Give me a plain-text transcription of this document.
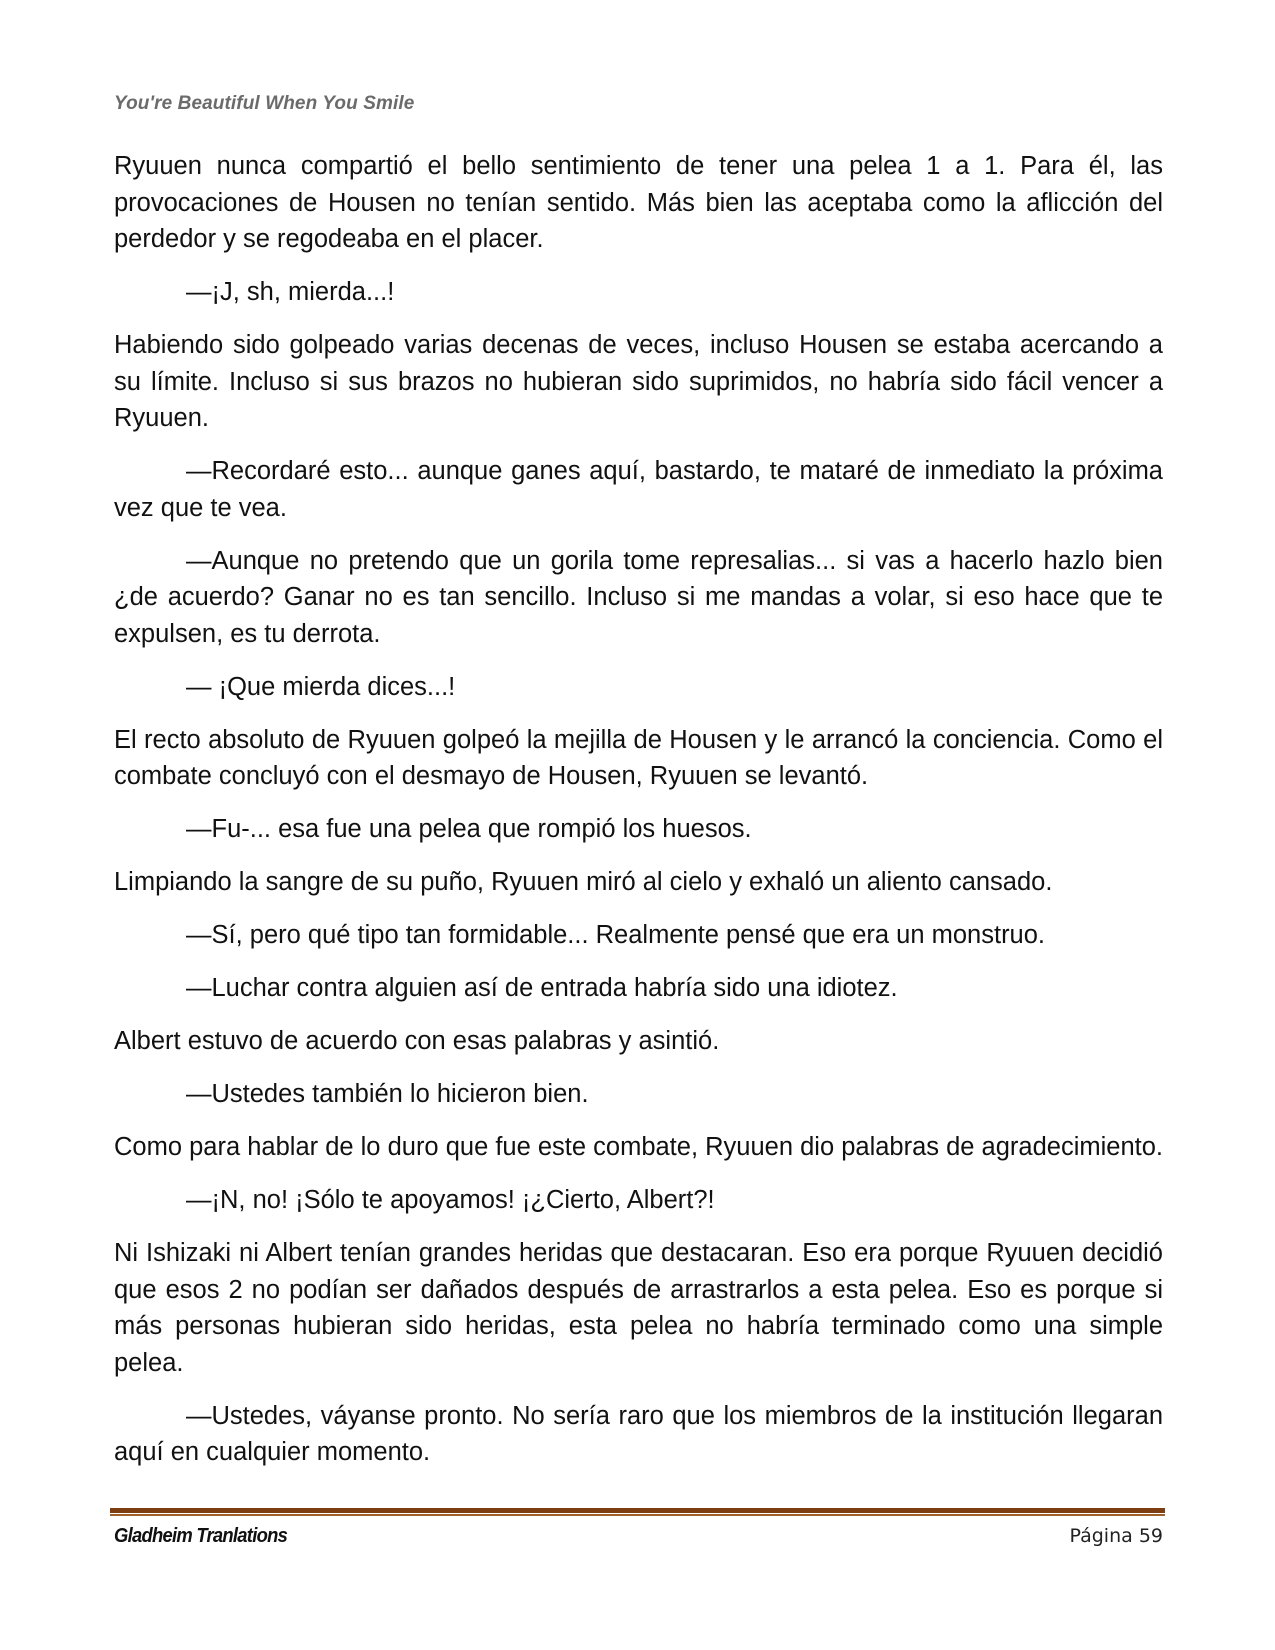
You're Beautiful When You Smile

Ryuuen nunca compartió el bello sentimiento de tener una pelea 1 a 1. Para él, las provocaciones de Housen no tenían sentido. Más bien las aceptaba como la aflicción del perdedor y se regodeaba en el placer.

—¡J, sh, mierda...!

Habiendo sido golpeado varias decenas de veces, incluso Housen se estaba acercando a su límite. Incluso si sus brazos no hubieran sido suprimidos, no habría sido fácil vencer a Ryuuen.

—Recordaré esto... aunque ganes aquí, bastardo, te mataré de inmediato la próxima vez que te vea.

—Aunque no pretendo que un gorila tome represalias... si vas a hacerlo hazlo bien ¿de acuerdo? Ganar no es tan sencillo. Incluso si me mandas a volar, si eso hace que te expulsen, es tu derrota.

— ¡Que mierda dices...!

El recto absoluto de Ryuuen golpeó la mejilla de Housen y le arrancó la conciencia. Como el combate concluyó con el desmayo de Housen, Ryuuen se levantó.

—Fu-... esa fue una pelea que rompió los huesos.

Limpiando la sangre de su puño, Ryuuen miró al cielo y exhaló un aliento cansado.

—Sí, pero qué tipo tan formidable... Realmente pensé que era un monstruo.

—Luchar contra alguien así de entrada habría sido una idiotez.

Albert estuvo de acuerdo con esas palabras y asintió.

—Ustedes también lo hicieron bien.

Como para hablar de lo duro que fue este combate, Ryuuen dio palabras de agradecimiento.

—¡N, no! ¡Sólo te apoyamos! ¡¿Cierto, Albert?!

Ni Ishizaki ni Albert tenían grandes heridas que destacaran. Eso era porque Ryuuen decidió que esos 2 no podían ser dañados después de arrastrarlos a esta pelea. Eso es porque si más personas hubieran sido heridas, esta pelea no habría terminado como una simple pelea.

—Ustedes, váyanse pronto. No sería raro que los miembros de la institución llegaran aquí en cualquier momento.

Gladheim Tranlations	Página 59
